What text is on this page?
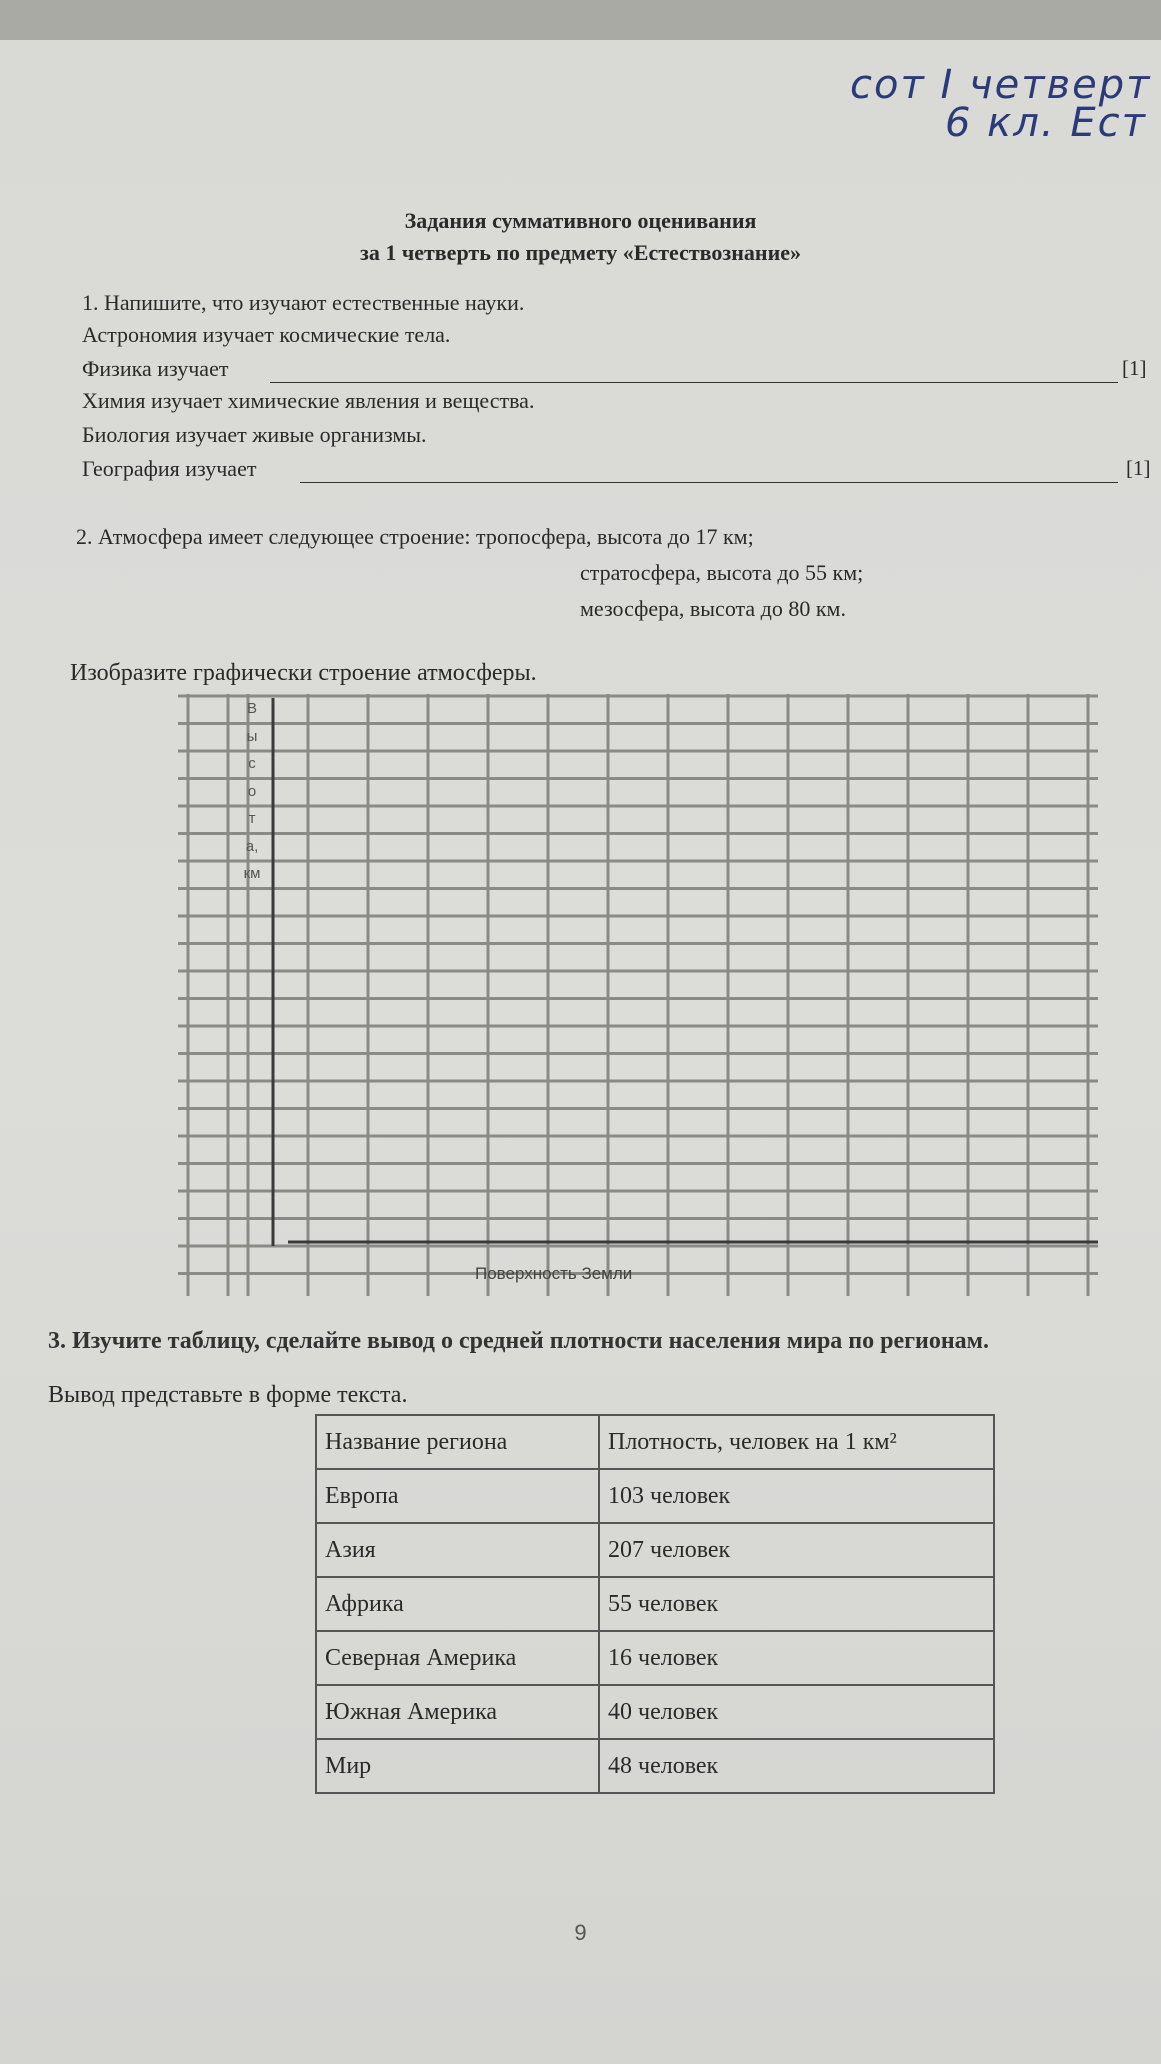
сот I четверт
6 кл. Ест
Задания суммативного оценивания
за 1 четверть по предмету «Естествознание»
1. Напишите, что изучают естественные науки.
Астрономия изучает космические тела.
Физика изучает	[1]
Химия изучает химические явления и вещества.
Биология изучает живые организмы.
География изучает	[1]
2. Атмосфера имеет следующее строение: тропосфера, высота до 17 км;
стратосфера, высота до 55 км;
мезосфера, высота до 80 км.
Изобразите графически строение атмосферы.
В
ы
с
о
т
а,
км
Поверхность Земли
3. Изучите таблицу, сделайте вывод о средней плотности населения мира по регионам.
Вывод представьте в форме текста.
Название региона	Плотность, человек на 1 км²
Европа	103 человек
Азия	207 человек
Африка	55 человек
Северная Америка	16 человек
Южная Америка	40 человек
Мир	48 человек
9
